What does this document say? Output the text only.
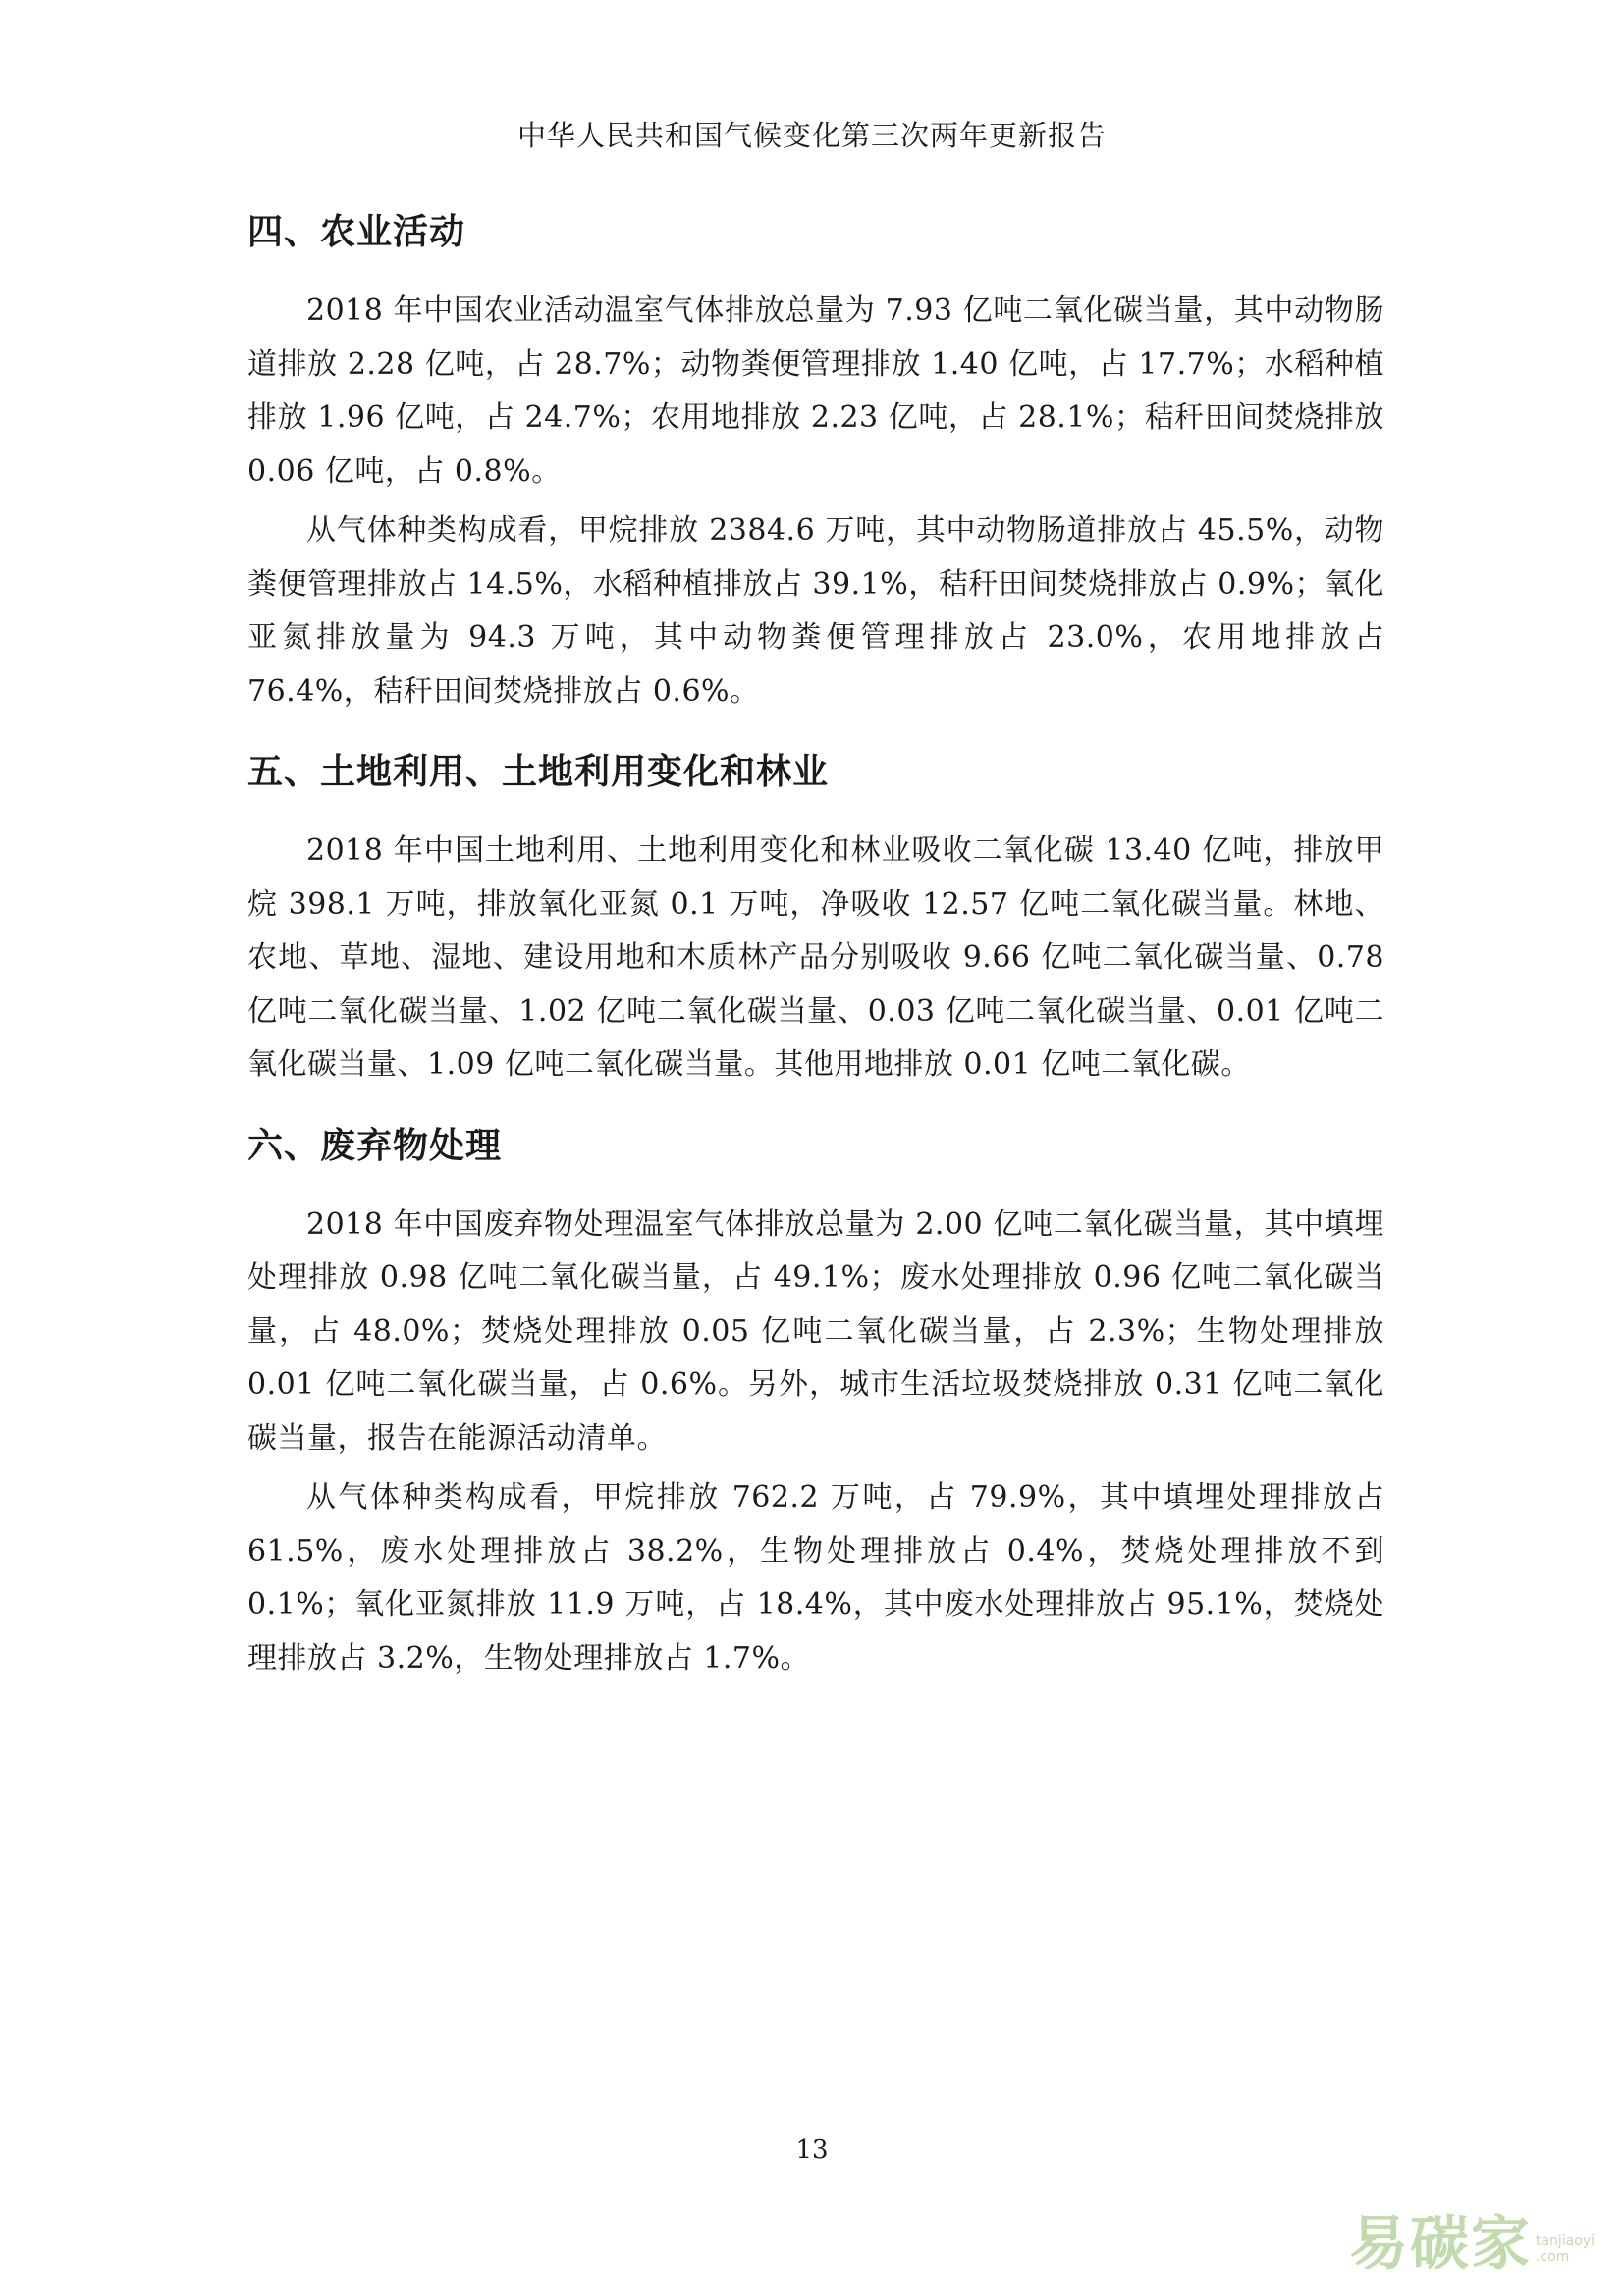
中华人民共和国气候变化第三次两年更新报告
四、农业活动

2018 年中国农业活动温室气体排放总量为 7.93 亿吨二氧化碳当量，其中动物肠道排放 2.28 亿吨，占 28.7%；动物粪便管理排放 1.40 亿吨，占 17.7%；水稻种植排放 1.96 亿吨，占 24.7%；农用地排放 2.23 亿吨，占 28.1%；秸秆田间焚烧排放 0.06 亿吨，占 0.8%。

从气体种类构成看，甲烷排放 2384.6 万吨，其中动物肠道排放占 45.5%，动物粪便管理排放占 14.5%，水稻种植排放占 39.1%，秸秆田间焚烧排放占 0.9%；氧化亚氮排放量为 94.3 万吨，其中动物粪便管理排放占 23.0%，农用地排放占 76.4%，秸秆田间焚烧排放占 0.6%。

五、土地利用、土地利用变化和林业

2018 年中国土地利用、土地利用变化和林业吸收二氧化碳 13.40 亿吨，排放甲烷 398.1 万吨，排放氧化亚氮 0.1 万吨，净吸收 12.57 亿吨二氧化碳当量。林地、农地、草地、湿地、建设用地和木质林产品分别吸收 9.66 亿吨二氧化碳当量、0.78 亿吨二氧化碳当量、1.02 亿吨二氧化碳当量、0.03 亿吨二氧化碳当量、0.01 亿吨二氧化碳当量、1.09 亿吨二氧化碳当量。其他用地排放 0.01 亿吨二氧化碳。

六、废弃物处理

2018 年中国废弃物处理温室气体排放总量为 2.00 亿吨二氧化碳当量，其中填埋处理排放 0.98 亿吨二氧化碳当量，占 49.1%；废水处理排放 0.96 亿吨二氧化碳当量，占 48.0%；焚烧处理排放 0.05 亿吨二氧化碳当量，占 2.3%；生物处理排放 0.01 亿吨二氧化碳当量，占 0.6%。另外，城市生活垃圾焚烧排放 0.31 亿吨二氧化碳当量，报告在能源活动清单。

从气体种类构成看，甲烷排放 762.2 万吨，占 79.9%，其中填埋处理排放占 61.5%，废水处理排放占 38.2%，生物处理排放占 0.4%，焚烧处理排放不到 0.1%；氧化亚氮排放 11.9 万吨，占 18.4%，其中废水处理排放占 95.1%，焚烧处理排放占 3.2%，生物处理排放占 1.7%。

13
易碳家 tanjiaoyi
.com
